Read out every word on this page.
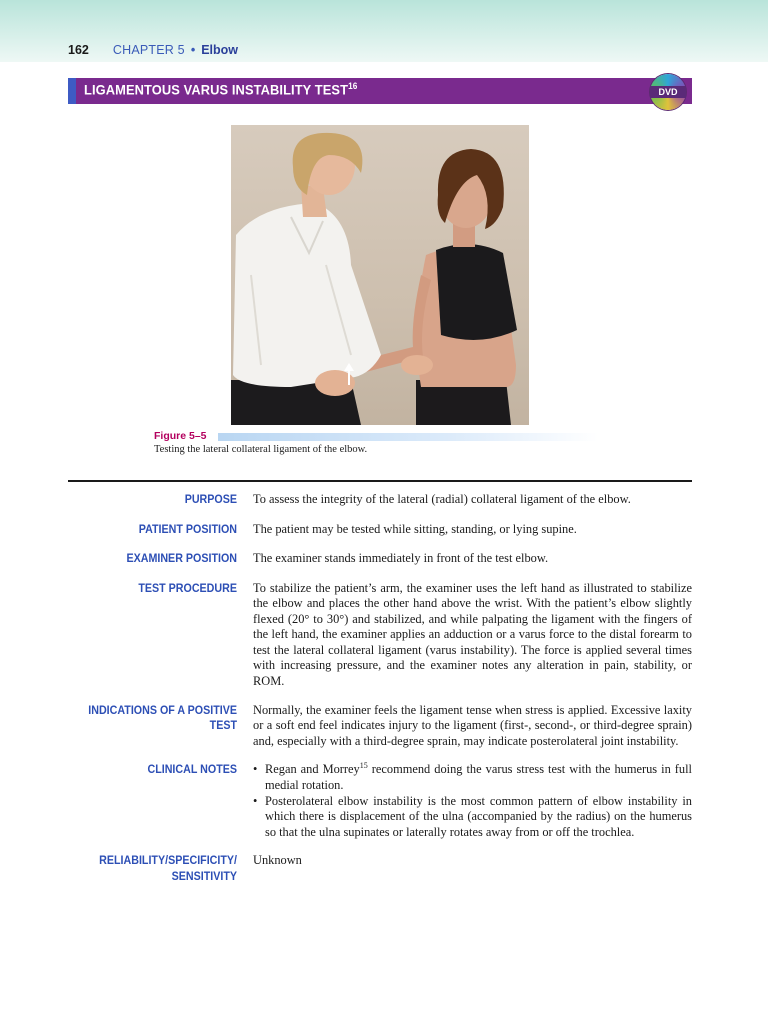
162 CHAPTER 5 • Elbow
LIGAMENTOUS VARUS INSTABILITY TEST$^{16}$
DVD
Figure 5–5
Testing the lateral collateral ligament of the elbow.
PURPOSE To assess the integrity of the lateral (radial) collateral ligament of the elbow.
PATIENT POSITION The patient may be tested while sitting, standing, or lying supine.
EXAMINER POSITION The examiner stands immediately in front of the test elbow.
TEST PROCEDURE To stabilize the patient’s arm, the examiner uses the left hand as illustrated to stabilize the elbow and places the other hand above the wrist. With the patient’s elbow slightly flexed (20° to 30°) and stabilized, and while palpating the ligament with the fingers of the left hand, the examiner applies an adduction or a varus force to the distal forearm to test the lateral collateral ligament (varus instability). The force is applied several times with increasing pressure, and the examiner notes any alteration in pain, stability, or ROM.
INDICATIONS OF A POSITIVE TEST
Normally, the examiner feels the ligament tense when stress is applied. Excessive laxity or a soft end feel indicates injury to the ligament (first-, second-, or third-degree sprain) and, especially with a third-degree sprain, may indicate posterolateral joint instability.
CLINICAL NOTES
•	Regan and Morrey$^{15}$ recommend doing the varus stress test with the humerus in full medial rotation.
• Posterolateral elbow instability is the most common pattern of elbow instability in which there is displacement of the ulna (accompanied by the radius) on the humerus so that the ulna supinates or laterally rotates away from or off the trochlea.
RELIABILITY/SPECIFICITY/
SENSITIVITY
Unknown
